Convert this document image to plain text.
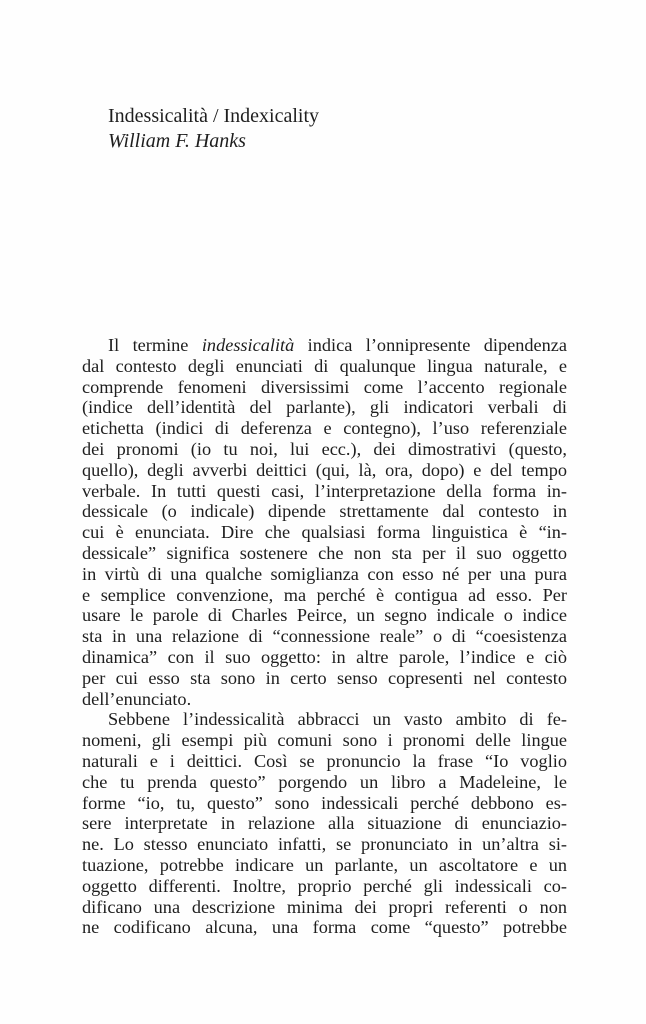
Indessicalità / Indexicality
William F. Hanks
Il termine indessicalità indica l’onnipresente dipendenza
dal contesto degli enunciati di qualunque lingua naturale, e
comprende fenomeni diversissimi come l’accento regionale
(indice dell’identità del parlante), gli indicatori verbali di
etichetta (indici di deferenza e contegno), l’uso referenziale
dei pronomi (io tu noi, lui ecc.), dei dimostrativi (questo,
quello), degli avverbi deittici (qui, là, ora, dopo) e del tempo
verbale. In tutti questi casi, l’interpretazione della forma in-
dessicale (o indicale) dipende strettamente dal contesto in
cui è enunciata. Dire che qualsiasi forma linguistica è “in-
dessicale” significa sostenere che non sta per il suo oggetto
in virtù di una qualche somiglianza con esso né per una pura
e semplice convenzione, ma perché è contigua ad esso. Per
usare le parole di Charles Peirce, un segno indicale o indice
sta in una relazione di “connessione reale” o di “coesistenza
dinamica” con il suo oggetto: in altre parole, l’indice e ciò
per cui esso sta sono in certo senso copresenti nel contesto
dell’enunciato.
Sebbene l’indessicalità abbracci un vasto ambito di fe-
nomeni, gli esempi più comuni sono i pronomi delle lingue
naturali e i deittici. Così se pronuncio la frase “Io voglio
che tu prenda questo” porgendo un libro a Madeleine, le
forme “io, tu, questo” sono indessicali perché debbono es-
sere interpretate in relazione alla situazione di enunciazio-
ne. Lo stesso enunciato infatti, se pronunciato in un’altra si-
tuazione, potrebbe indicare un parlante, un ascoltatore e un
oggetto differenti. Inoltre, proprio perché gli indessicali co-
dificano una descrizione minima dei propri referenti o non
ne codificano alcuna, una forma come “questo” potrebbe
